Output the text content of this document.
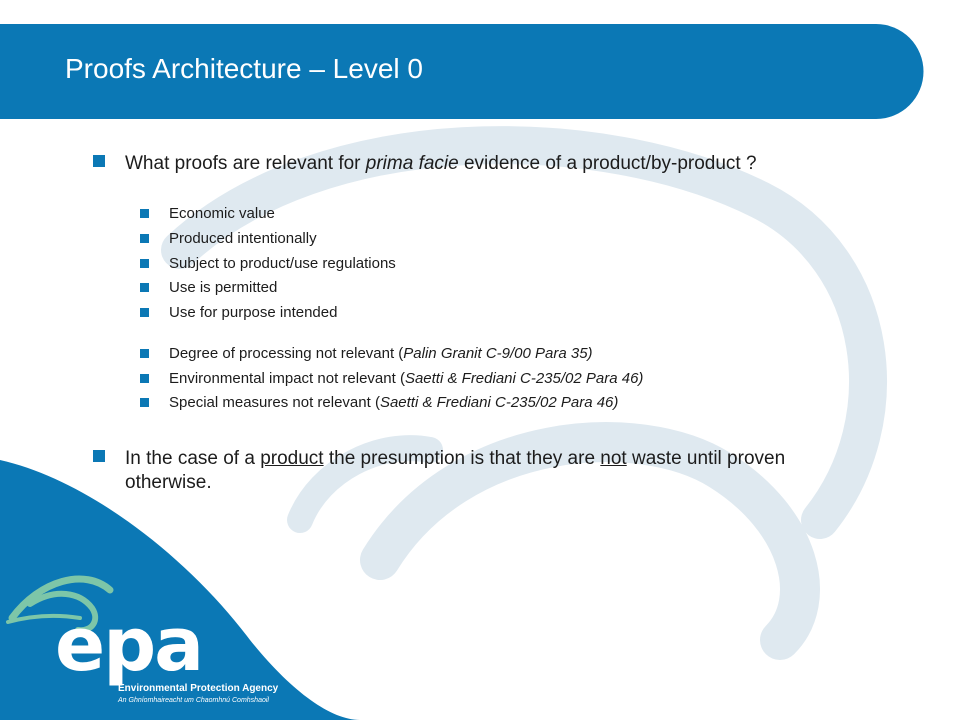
Proofs Architecture – Level 0
What proofs are relevant for prima facie evidence of a product/by-product ?
Economic value
Produced intentionally
Subject to product/use regulations
Use is permitted
Use for purpose intended
Degree of processing not relevant (Palin Granit C-9/00 Para 35)
Environmental impact not relevant (Saetti & Frediani C-235/02 Para 46)
Special measures not relevant (Saetti & Frediani C-235/02 Para 46)
In the case of a product the presumption is that they are not waste until proven otherwise.
epa
Environmental Protection Agency
An Ghníomhaireacht um Chaomhnú Comhshaoil
